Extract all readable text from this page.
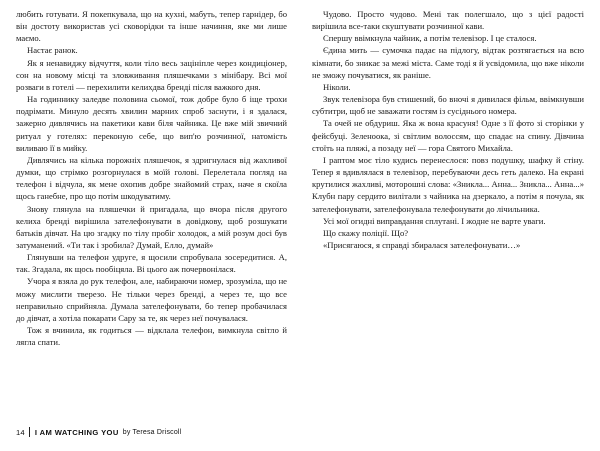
любить готувати. Я покепкувала, що на кухні, мабуть, тепер гарнідер, бо він достоту використав усі сковорідки та інше начиння, яке ми лише маємо.

Настає ранок.

Як я ненавиджу відчуття, коли тіло весь зацініпле через кондиціонер, сон на новому місці та зловживання пляшечками з мінібару. Всі мої розваги в готелі — перехилити келихдва бренді після важкого дня.

На годиннику заледве половина сьомої, тож добре було б іще трохи подрімати. Минуло десять хвилин марних спроб заснути, і я здалася, зажерно дивлячись на пакетики кави біля чайника. Це вже мій звичний ритуал у готелях: переконую себе, що вип'ю розчинної, натомість виливаю її в мийку.

Дивлячись на кілька порожніх пляшечок, я здригнулася від жахливої думки, що стрімко розгорнулася в моїй голові. Перелетала погляд на телефон і відчула, як мене охопив добре знайомий страх, наче я скоїла щось ганебне, про що потім шкодуватиму.

Знову глянула на пляшечки й пригадала, що вчора після другого келиха бренді вирішила зателефонувати в довідкову, щоб розшукати батьків дівчат. На цю згадку по тілу пробіг холодок, а мій розум досі був затуманений. «Ти так і зробила? Думай, Елло, думай»

Глянувши на телефон удруге, я щосили спробувала зосередитися. А, так. Згадала, як щось пообіцяла. Ві цього аж почервонілася.

Учора я взяла до рук телефон, але, набираючи номер, зрозуміла, що не можу мислити тверезо. Не тільки через бренді, а через те, що все неправильно сприйняла. Думала зателефонувати, бо тепер пробачилася до дівчат, а хотіла покарати Сару за те, як через неї почувалася.

Тож я вчинила, як годиться — відклала телефон, вимкнула світло й лягла спати.

Чудово. Просто чудово. Мені так полегшало, що з цієї радості вирішила все-таки скуштувати розчинної кави.

Спершу ввімкнула чайник, а потім телевізор. І це сталося.

Єдина мить — сумочка падає на підлогу, відтак розтягається на всю кімнати, бо зникає за межі міста. Саме тоді я й усвідомила, що вже ніколи не зможу почуватися, як раніше.

Ніколи.

Звук телевізора був стишений, бо вночі я дивилася фільм, ввімкнувши субтитри, щоб не заважати гостям із сусіднього номера.

Та очей не обдуриш. Яка ж вона красуня! Одне з її фото зі сторінки у фейсбуці. Зеленоока, зі світлим волоссям, що спадає на спину. Дівчина стоїть на пляжі, а позаду неї — гора Святого Михайла.

І раптом моє тіло кудись перенеслося: повз подушку, шафку й стіну. Тепер я вдивлялася в телевізор, перебуваючи десь геть далеко. На екрані крутилися жахливі, моторошні слова: «Зникла... Анна... Зникла... Анна...» Клубн пару сердито вилітали з чайника на дзеркало, а потім я почула, як зателефонувати, зателефонувала телефонувати до лічильника.

Усі мої огидні виправдання сплутані. І жодне не варте уваги.

Що скажу поліції. Що?

«Присягаюся, я справді збиралася зателефонувати…»

14 I AM WATCHING YOU by Teresa Driscoll
